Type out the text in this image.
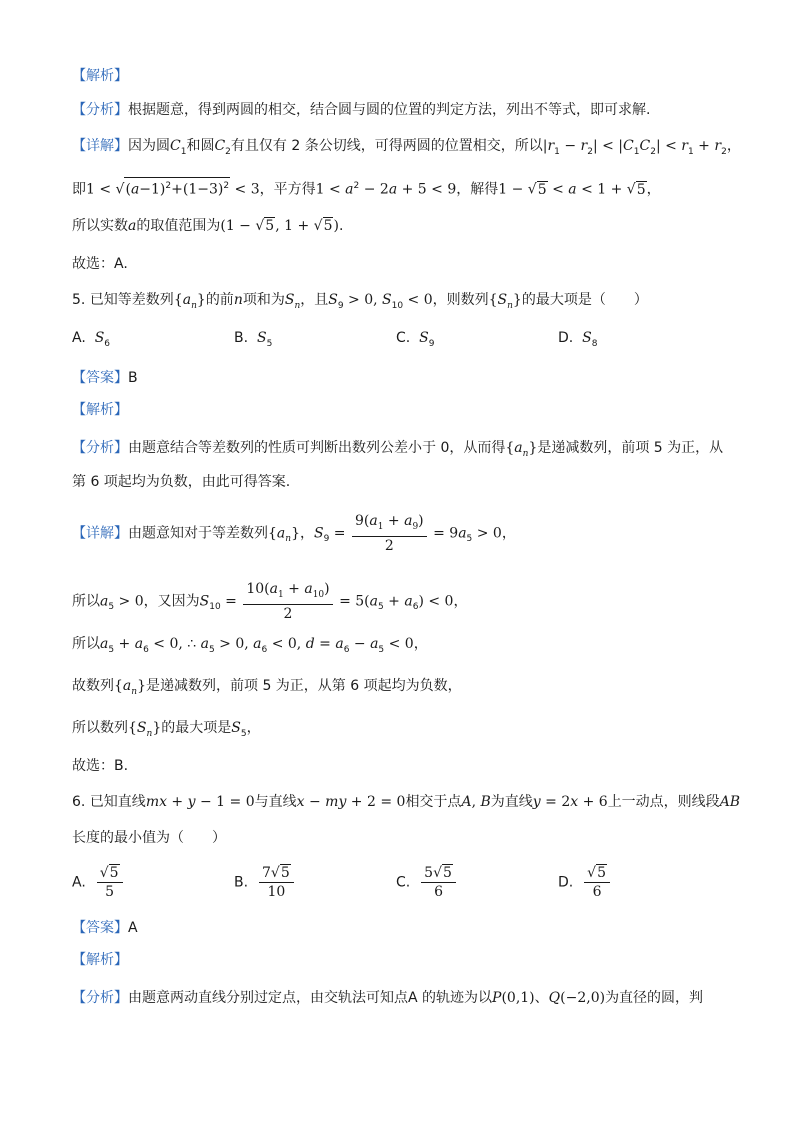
【解析】
【分析】根据题意，得到两圆的相交，结合圆与圆的位置的判定方法，列出不等式，即可求解.
【详解】因为圆$C_1$和圆$C_2$有且仅有 2 条公切线，可得两圆的位置相交，所以$|r_1 - r_2| < |C_1C_2| < r_1 + r_2$，
即$1 < √(a-1)^2+(1-3)^2 < 3$，平方得$1 < a^2 - 2a + 5 < 9$，解得1 − √5 < a < 1 + √5，
所以实数a的取值范围为(1 − √5, 1 + √5).
故选：A.
5. 已知等差数列$\{a_n\}$的前n项和为$S_n$，且$S_9 > 0$, $S_{10} < 0$，则数列$\{S_n\}$的最大项是（　　）
A. $S_6$	B. $S_5$	C. $S_9$	D. $S_8$
【答案】B
【解析】
【分析】由题意结合等差数列的性质可判断出数列公差小于 0，从而得$\{a_n\}$是递减数列，前项 5 为正，从
第 6 项起均为负数，由此可得答案.
【详解】由题意知对于等差数列$\{a_n\}$，$S_9 = \frac{9(a_1 + a_9)}{2} = 9a_5 > 0$，
所以$a_5 > 0$，又因为$S_{10} = \frac{10(a_1 + a_{10})}{2} = 5(a_5 + a_6) < 0$，
所以$a_5 + a_6 < 0$, ∴ $a_5 > 0$, $a_6 < 0$, $d = a_6 - a_5 < 0$，
故数列$\{a_n\}$是递减数列，前项 5 为正，从第 6 项起均为负数，
所以数列$\{S_n\}$的最大项是$S_5$，
故选：B.
6. 已知直线mx + y − 1 = 0与直线x − my + 2 = 0相交于点A, B为直线y = 2x + 6上一动点，则线段AB
长度的最小值为（　　）
A. $\frac{√5}{5}$	B. $\frac{7√5}{10}$	C. $\frac{5√5}{6}$	D. $\frac{√5}{6}$
【答案】A
【解析】
【分析】由题意两动直线分别过定点，由交轨法可知点A 的轨迹为以P(0,1)、Q(−2,0)为直径的圆，判
